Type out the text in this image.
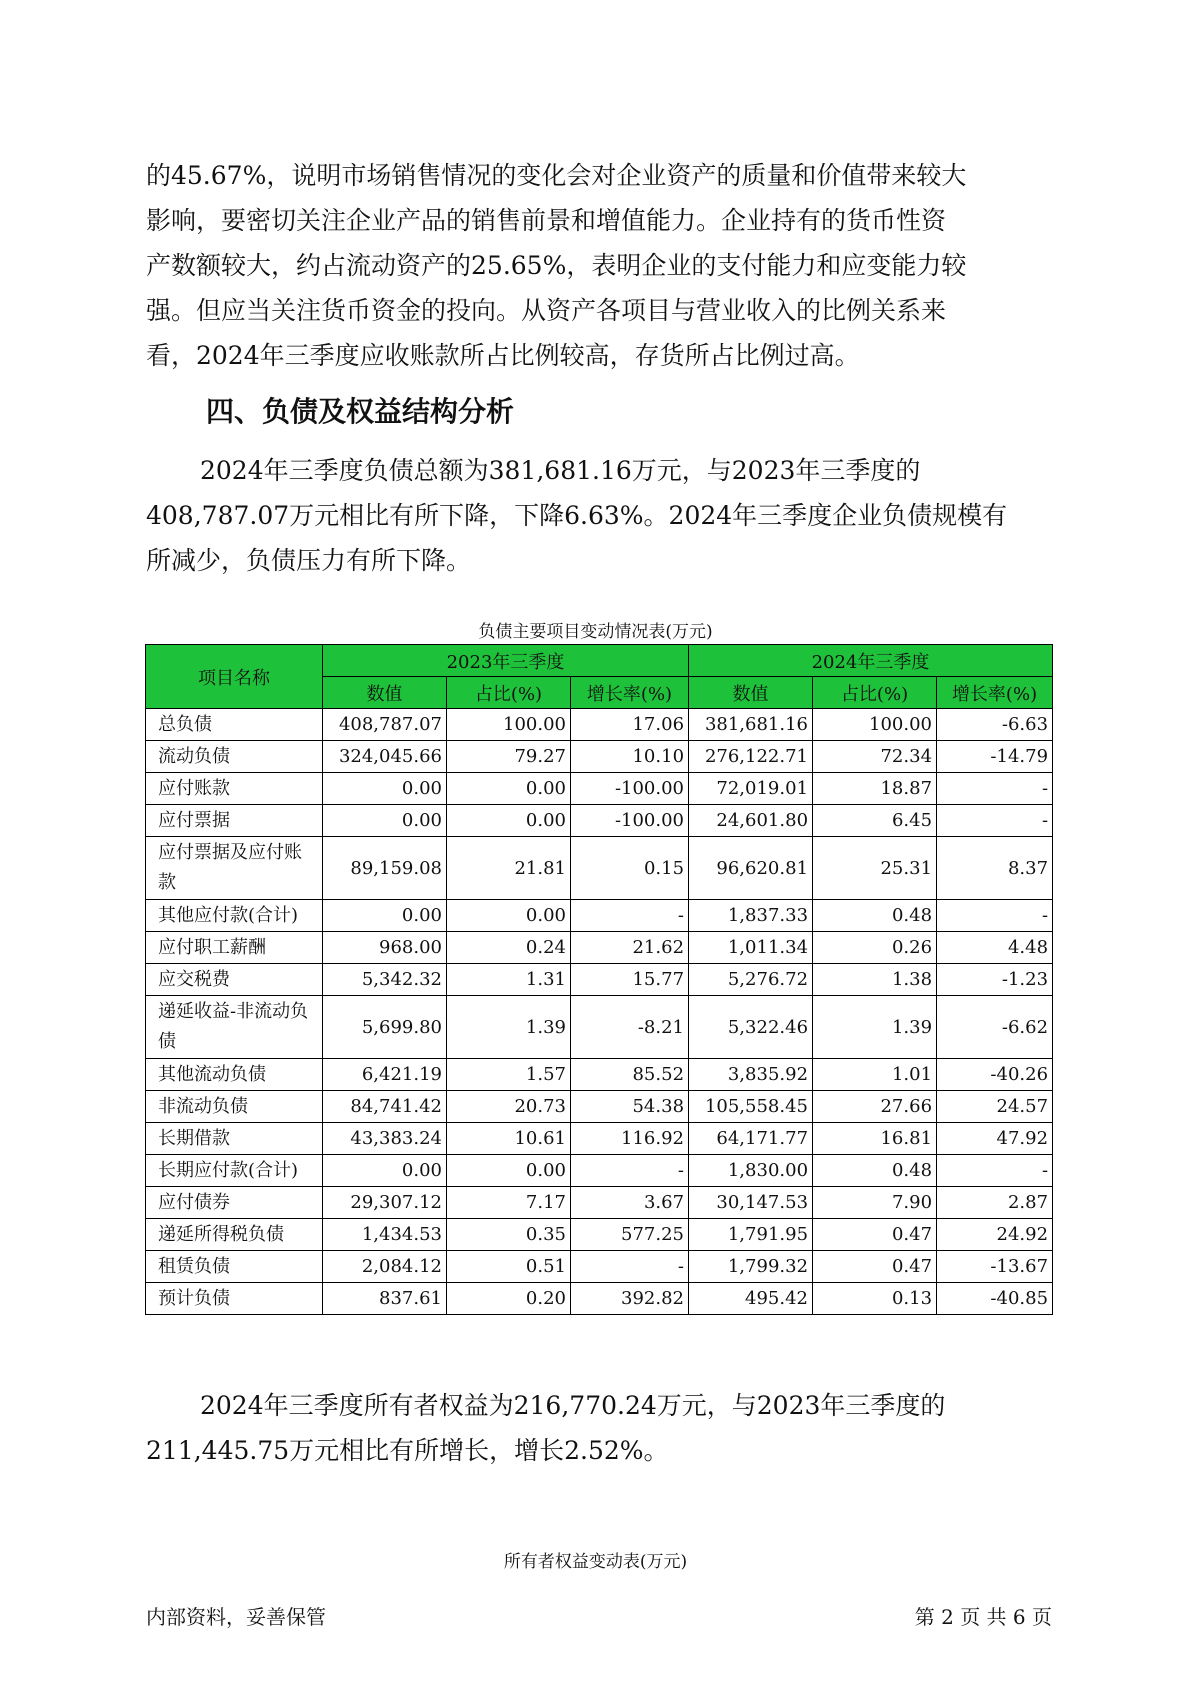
的45.67%，说明市场销售情况的变化会对企业资产的质量和价值带来较大
影响，要密切关注企业产品的销售前景和增值能力。企业持有的货币性资
产数额较大，约占流动资产的25.65%，表明企业的支付能力和应变能力较
强。但应当关注货币资金的投向。从资产各项目与营业收入的比例关系来
看，2024年三季度应收账款所占比例较高，存货所占比例过高。
四、负债及权益结构分析
2024年三季度负债总额为381,681.16万元，与2023年三季度的
408,787.07万元相比有所下降，下降6.63%。2024年三季度企业负债规模有
所减少，负债压力有所下降。

负债主要项目变动情况表(万元)

项目名称	2023年三季度			2024年三季度		
	数值	占比(%)	增长率(%)	数值	占比(%)	增长率(%)
总负债	408,787.07	100.00	17.06	381,681.16	100.00	-6.63
流动负债	324,045.66	79.27	10.10	276,122.71	72.34	-14.79
应付账款	0.00	0.00	-100.00	72,019.01	18.87	-
应付票据	0.00	0.00	-100.00	24,601.80	6.45	-
应付票据及应付账款	89,159.08	21.81	0.15	96,620.81	25.31	8.37
其他应付款(合计)	0.00	0.00	-	1,837.33	0.48	-
应付职工薪酬	968.00	0.24	21.62	1,011.34	0.26	4.48
应交税费	5,342.32	1.31	15.77	5,276.72	1.38	-1.23
递延收益-非流动负债	5,699.80	1.39	-8.21	5,322.46	1.39	-6.62
其他流动负债	6,421.19	1.57	85.52	3,835.92	1.01	-40.26
非流动负债	84,741.42	20.73	54.38	105,558.45	27.66	24.57
长期借款	43,383.24	10.61	116.92	64,171.77	16.81	47.92
长期应付款(合计)	0.00	0.00	-	1,830.00	0.48	-
应付债券	29,307.12	7.17	3.67	30,147.53	7.90	2.87
递延所得税负债	1,434.53	0.35	577.25	1,791.95	0.47	24.92
租赁负债	2,084.12	0.51	-	1,799.32	0.47	-13.67
预计负债	837.61	0.20	392.82	495.42	0.13	-40.85
2024年三季度所有者权益为216,770.24万元，与2023年三季度的
211,445.75万元相比有所增长，增长2.52%。

所有者权益变动表(万元)

内部资料，妥善保管	第 2 页 共 6 页
